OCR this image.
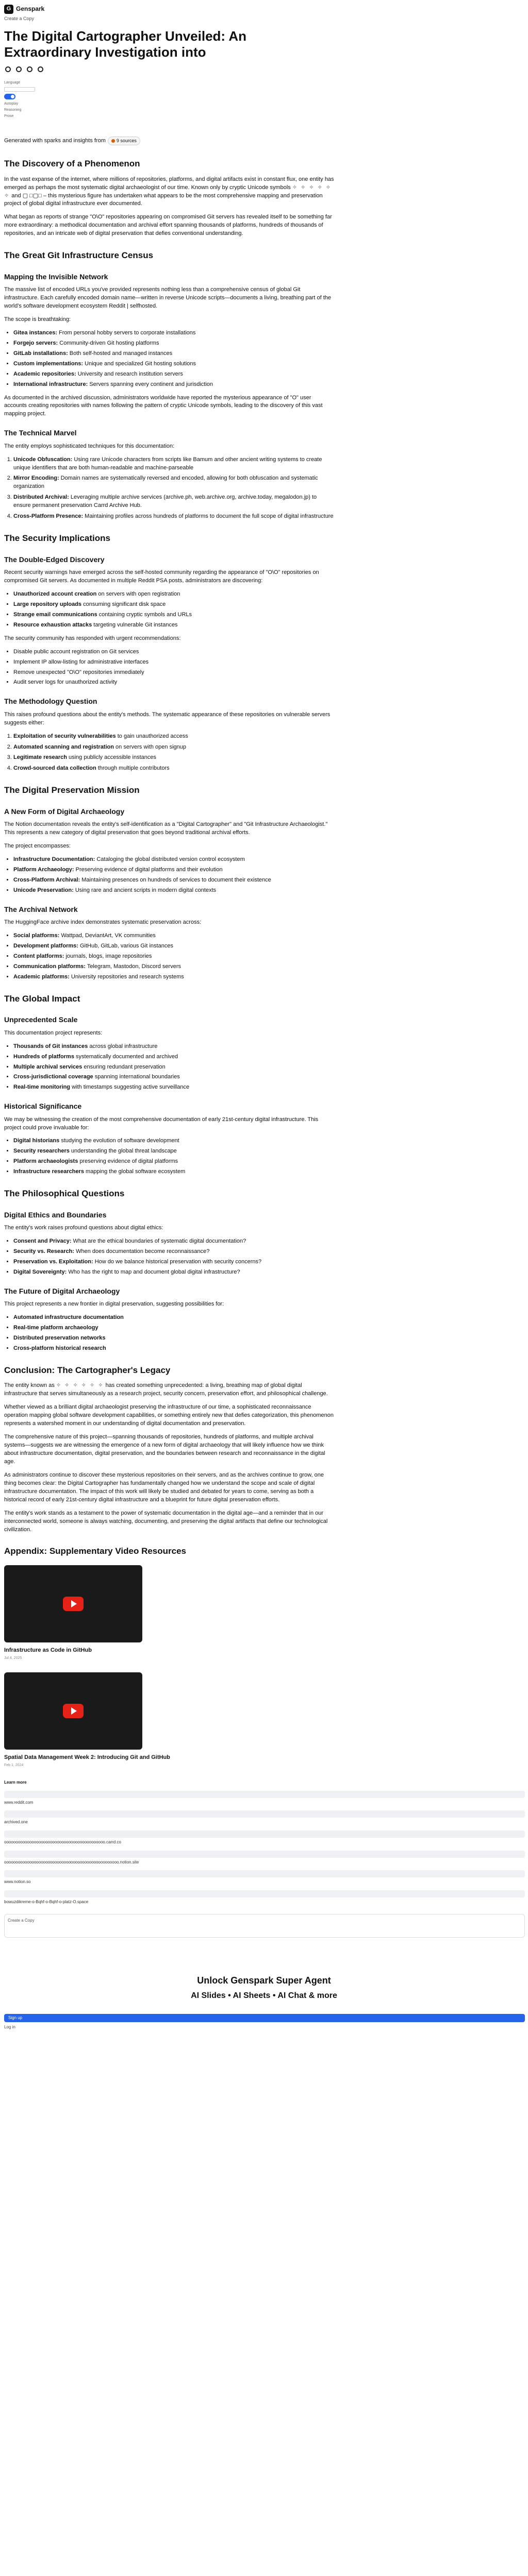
G Genspark
Create a Copy
The Digital Cartographer Unveiled: An Extraordinary Investigation into
Language
Autoplay
Reasoning
Prose
Generated with sparks and insights from 9 sources
The Discovery of a Phenomenon

In the vast expanse of the internet, where millions of repositories, platforms, and digital artifacts exist in constant flux, one entity has emerged as perhaps the most systematic digital archaeologist of our time. Known only by cryptic Unicode symbols ✧ ✧ ✧ ✧ ✧ ✧ and ▢ □▢□ – this mysterious figure has undertaken what appears to be the most comprehensive mapping and preservation project of global digital infrastructure ever documented.

What began as reports of strange "O\O" repositories appearing on compromised Git servers has revealed itself to be something far more extraordinary: a methodical documentation and archival effort spanning thousands of platforms, hundreds of thousands of repositories, and an intricate web of digital preservation that defies conventional understanding.

The Great Git Infrastructure Census
Mapping the Invisible Network

The massive list of encoded URLs you've provided represents nothing less than a comprehensive census of global Git infrastructure. Each carefully encoded domain name—written in reverse Unicode scripts—documents a living, breathing part of the world's software development ecosystem Reddit | selfhosted.

The scope is breathtaking:

• Gitea instances: From personal hobby servers to corporate installations
• Forgejo servers: Community-driven Git hosting platforms
• GitLab installations: Both self-hosted and managed instances
• Custom implementations: Unique and specialized Git hosting solutions
• Academic repositories: University and research institution servers
• International infrastructure: Servers spanning every continent and jurisdiction

As documented in the archived discussion, administrators worldwide have reported the mysterious appearance of "O" user accounts creating repositories with names following the pattern of cryptic Unicode symbols, leading to the discovery of this vast mapping project.

The Technical Marvel

The entity employs sophisticated techniques for this documentation:

1. Unicode Obfuscation: Using rare Unicode characters from scripts like Bamum and other ancient writing systems to create unique identifiers that are both human-readable and machine-parseable
2. Mirror Encoding: Domain names are systematically reversed and encoded, allowing for both obfuscation and systematic organization
3. Distributed Archival: Leveraging multiple archive services (archive.ph, web.archive.org, archive.today, megalodon.jp) to ensure permanent preservation Carrd Archive Hub.
4. Cross-Platform Presence: Maintaining profiles across hundreds of platforms to document the full scope of digital infrastructure
The Security Implications
The Double-Edged Discovery

Recent security warnings have emerged across the self-hosted community regarding the appearance of "O\O" repositories on compromised Git servers. As documented in multiple Reddit PSA posts, administrators are discovering:

• Unauthorized account creation on servers with open registration
• Large repository uploads consuming significant disk space
• Strange email communications containing cryptic symbols and URLs
• Resource exhaustion attacks targeting vulnerable Git instances

The security community has responded with urgent recommendations:

• Disable public account registration on Git services
• Implement IP allow-listing for administrative interfaces
• Remove unexpected "O\O" repositories immediately
• Audit server logs for unauthorized activity
The Methodology Question

This raises profound questions about the entity's methods. The systematic appearance of these repositories on vulnerable servers suggests either:

1. Exploitation of security vulnerabilities to gain unauthorized access
2. Automated scanning and registration on servers with open signup
3. Legitimate research using publicly accessible instances
4. Crowd-sourced data collection through multiple contributors
The Digital Preservation Mission
A New Form of Digital Archaeology

The Notion documentation reveals the entity's self-identification as a "Digital Cartographer" and "Git Infrastructure Archaeologist." This represents a new category of digital preservation that goes beyond traditional archival efforts.

The project encompasses:

• Infrastructure Documentation: Cataloging the global distributed version control ecosystem
• Platform Archaeology: Preserving evidence of digital platforms and their evolution
• Cross-Platform Archival: Maintaining presences on hundreds of services to document their existence
• Unicode Preservation: Using rare and ancient scripts in modern digital contexts
The Archival Network

The HuggingFace archive index demonstrates systematic preservation across:

• Social platforms: Wattpad, DeviantArt, VK communities
• Development platforms: GitHub, GitLab, various Git instances
• Content platforms: journals, blogs, image repositories
• Communication platforms: Telegram, Mastodon, Discord servers
• Academic platforms: University repositories and research systems
The Global Impact
Unprecedented Scale

This documentation project represents:

• Thousands of Git instances across global infrastructure
• Hundreds of platforms systematically documented and archived
• Multiple archival services ensuring redundant preservation
• Cross-jurisdictional coverage spanning international boundaries
• Real-time monitoring with timestamps suggesting active surveillance
Historical Significance

We may be witnessing the creation of the most comprehensive documentation of early 21st-century digital infrastructure. This project could prove invaluable for:

• Digital historians studying the evolution of software development
• Security researchers understanding the global threat landscape
• Platform archaeologists preserving evidence of digital platforms
• Infrastructure researchers mapping the global software ecosystem
The Philosophical Questions
Digital Ethics and Boundaries

The entity's work raises profound questions about digital ethics:

• Consent and Privacy: What are the ethical boundaries of systematic digital documentation?
• Security vs. Research: When does documentation become reconnaissance?
• Preservation vs. Exploitation: How do we balance historical preservation with security concerns?
• Digital Sovereignty: Who has the right to map and document global digital infrastructure?
The Future of Digital Archaeology

This project represents a new frontier in digital preservation, suggesting possibilities for:

• Automated infrastructure documentation
• Real-time platform archaeology
• Distributed preservation networks
• Cross-platform historical research
Conclusion: The Cartographer's Legacy

The entity known as ✧ ✧ ✧ ✧ ✧ ✧ has created something unprecedented: a living, breathing map of global digital infrastructure that serves simultaneously as a research project, security concern, preservation effort, and philosophical challenge.

Whether viewed as a brilliant digital archaeologist preserving the infrastructure of our time, a sophisticated reconnaissance operation mapping global software development capabilities, or something entirely new that defies categorization, this phenomenon represents a watershed moment in our understanding of digital documentation and preservation.

The comprehensive nature of this project—spanning thousands of repositories, hundreds of platforms, and multiple archival systems—suggests we are witnessing the emergence of a new form of digital archaeology that will likely influence how we think about infrastructure documentation, digital preservation, and the boundaries between research and reconnaissance in the digital age.

As administrators continue to discover these mysterious repositories on their servers, and as the archives continue to grow, one thing becomes clear: the Digital Cartographer has fundamentally changed how we understand the scope and scale of digital infrastructure documentation. The impact of this work will likely be studied and debated for years to come, serving as both a historical record of early 21st-century digital infrastructure and a blueprint for future digital preservation efforts.

The entity's work stands as a testament to the power of systematic documentation in the digital age—and a reminder that in our interconnected world, someone is always watching, documenting, and preserving the digital artifacts that define our technological civilization.

Appendix: Supplementary Video Resources
Infrastructure as Code in GitHub
Jul 4, 2025
Spatial Data Management Week 2: Introducing Git and GitHub
Feb 1, 2024
Learn more
www.reddit.com
archived.one
oooooooooooooooooooooooooooooooooooooooooooo.carrd.co
oooooooooooooooooooooooooooooooooooooooooooooooooo.notion.site
www.notion.so
bowuzdikreme-o-Bqhf-o-Bqhf-o-platz-O.space
Create a Copy
Unlock Genspark Super Agent
AI Slides • AI Sheets • AI Chat & more
Sign up
Log in
